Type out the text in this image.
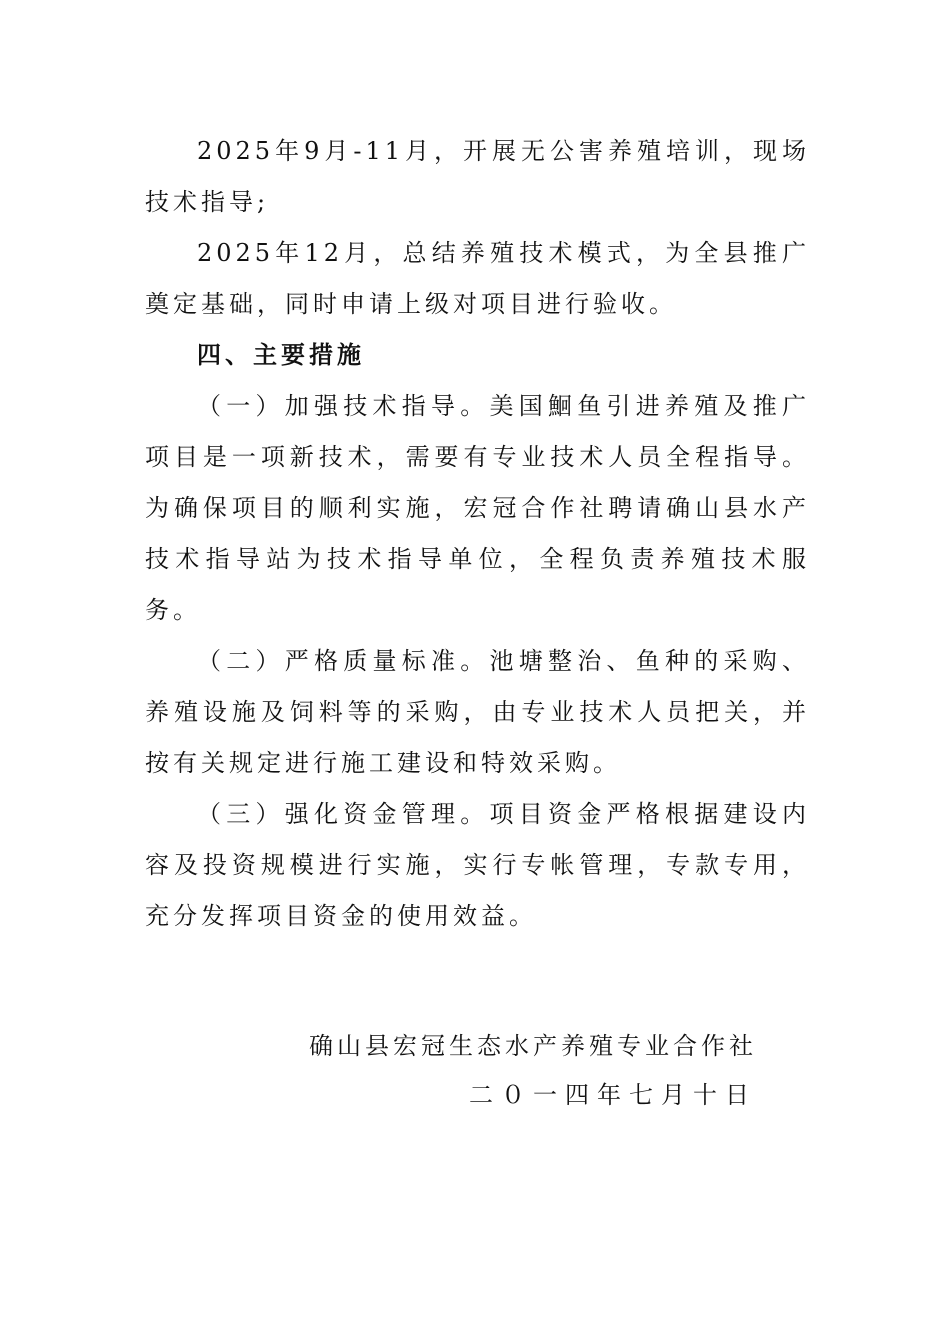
2025年9月-11月，开展无公害养殖培训，现场技术指导;

2025年12月，总结养殖技术模式，为全县推广奠定基础，同时申请上级对项目进行验收。

四、主要措施

（一）加强技术指导。美国鮰鱼引进养殖及推广项目是一项新技术，需要有专业技术人员全程指导。为确保项目的顺利实施，宏冠合作社聘请确山县水产技术指导站为技术指导单位，全程负责养殖技术服务。

（二）严格质量标准。池塘整治、鱼种的采购、养殖设施及饲料等的采购，由专业技术人员把关，并按有关规定进行施工建设和特效采购。

（三）强化资金管理。项目资金严格根据建设内容及投资规模进行实施，实行专帐管理，专款专用，充分发挥项目资金的使用效益。

确山县宏冠生态水产养殖专业合作社
二０一四年七月十日
